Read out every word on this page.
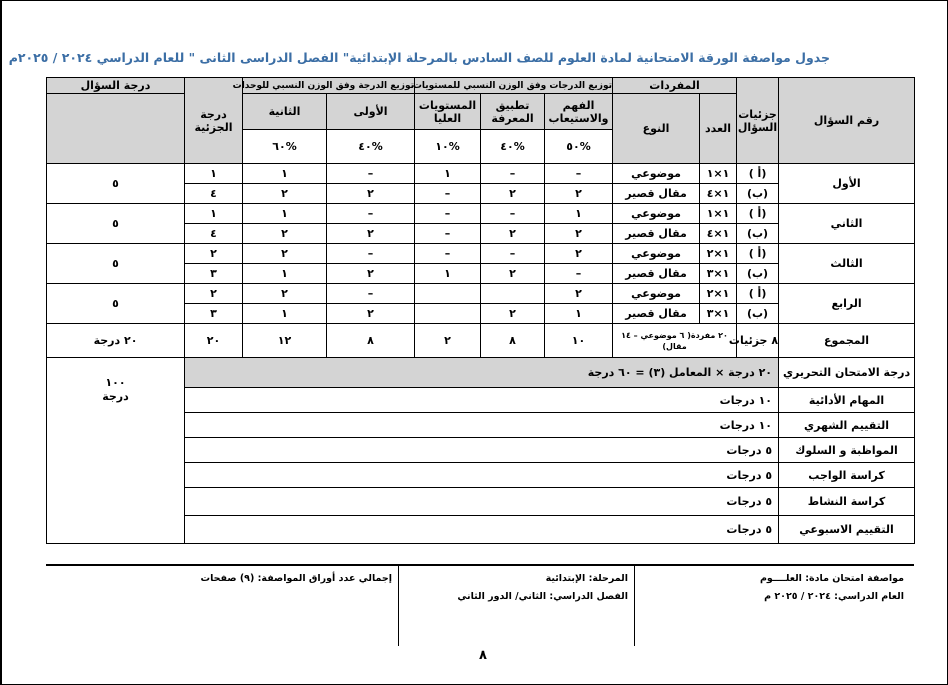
جدول مواصفة الورقة الامتحانية لمادة العلوم للصف السادس بالمرحلة الإبتدائية" الفصل الدراسى الثانى " للعام الدراسي ٢٠٢٤ / ٢٠٢٥م
رقم السؤال	جزئيات السؤال	المفردات		توزيع الدرجات وفق الوزن النسبي للمستويات			توزيع الدرجة وفق الوزن النسبي للوحدات		درجة الجزئية	درجة السؤال
		العدد	النوع	الفهم والاستيعاب	تطبيق المعرفة	المستويات العليا	الأولى	الثانية		
				%٥٠	%٤٠	%١٠	%٤٠	%٦٠		
الأول	(أ )	١×١	موضوعي	–	–	١	–	١	١	٥
	(ب)	١×٤	مقال قصير	٢	٢	–	٢	٢	٤	
الثاني	(أ )	١×١	موضوعي	١	–	–	–	١	١	٥
	(ب)	١×٤	مقال قصير	٢	٢	–	٢	٢	٤	
الثالث	(أ )	١×٢	موضوعي	٢	–	–	–	٢	٢	٥
	(ب)	١×٣	مقال قصير	–	٢	١	٢	١	٣	
الرابع	(أ )	١×٢	موضوعي	٢			–	٢	٢	٥
	(ب)	١×٣	مقال قصير	١	٢		٢	١	٣	
المجموع	٨ جزئيات	٢٠ مفردة( ٦ موضوعي – ١٤ مقال)		١٠	٨	٢	٨	١٢	٢٠	٢٠ درجة
درجة الامتحان التحريري	٢٠ درجة × المعامل (٣) = ٦٠ درجة									١٠٠ درجة
المهام الأدائية	١٠ درجات									
التقييم الشهري	١٠ درجات									
المواظبة و السلوك	٥ درجات									
كراسة الواجب	٥ درجات									
كراسة النشاط	٥ درجات									
التقييم الاسبوعي	٥ درجات									
مواصفة امتحان مادة: العلــــوم
العام الدراسي: ٢٠٢٤ / ٢٠٢٥ م
المرحلة: الإبتدائية
الفصل الدراسي: الثاني/ الدور الثاني
إجمالي عدد أوراق المواصفة: (٩) صفحات
٨
